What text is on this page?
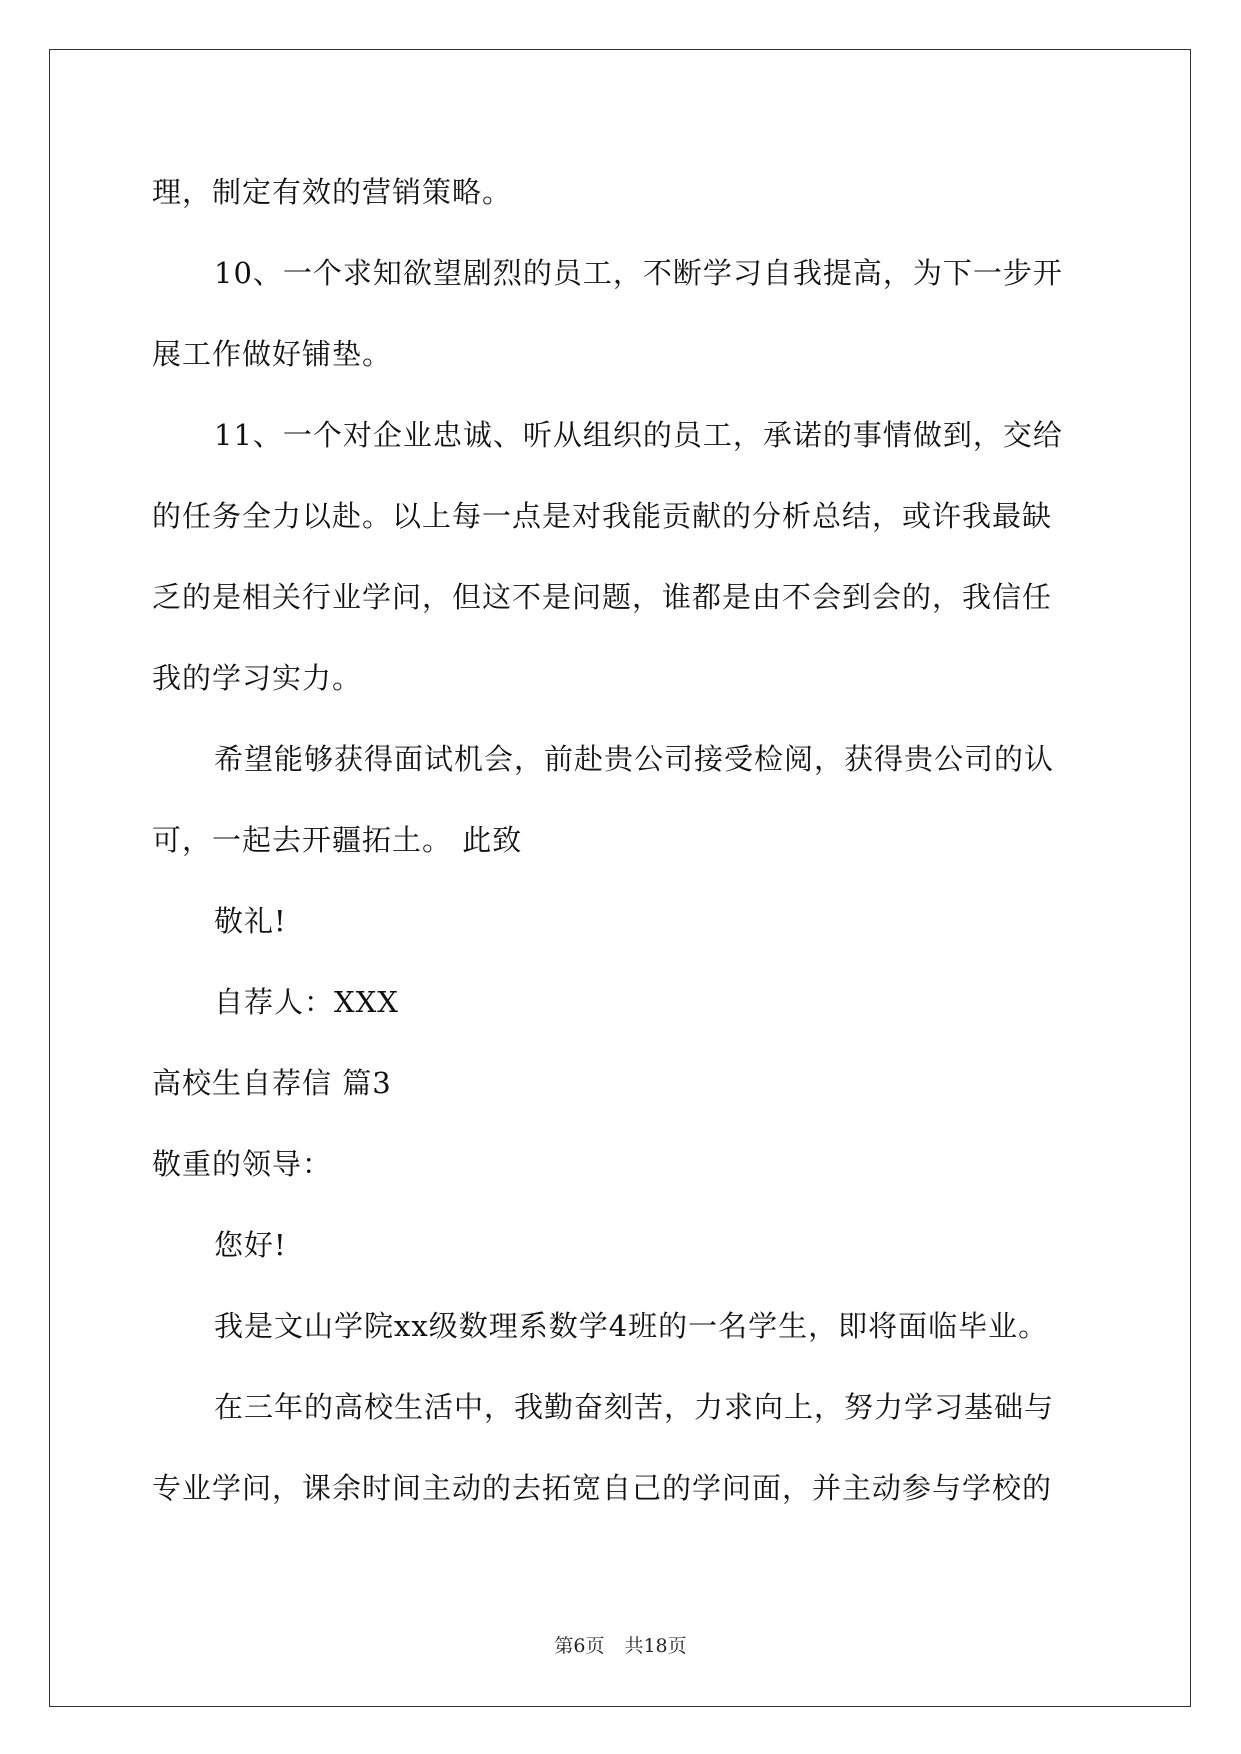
理，制定有效的营销策略。
10、一个求知欲望剧烈的员工，不断学习自我提高，为下一步开
展工作做好铺垫。
11、一个对企业忠诚、听从组织的员工，承诺的事情做到，交给
的任务全力以赴。以上每一点是对我能贡献的分析总结，或许我最缺
乏的是相关行业学问，但这不是问题，谁都是由不会到会的，我信任
我的学习实力。
希望能够获得面试机会，前赴贵公司接受检阅，获得贵公司的认
可，一起去开疆拓土。 此致
敬礼!
自荐人：XXX
高校生自荐信 篇3
敬重的领导：
您好!
我是文山学院xx级数理系数学4班的一名学生，即将面临毕业。
在三年的高校生活中，我勤奋刻苦，力求向上，努力学习基础与
专业学问，课余时间主动的去拓宽自己的学问面，并主动参与学校的
第6页 共18页
